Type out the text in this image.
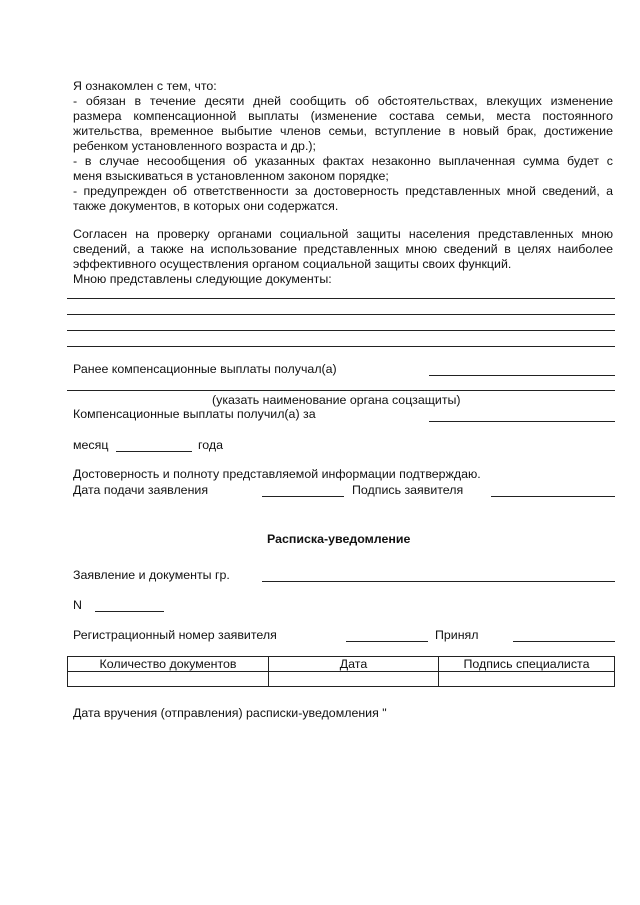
Я ознакомлен с тем, что:
- обязан в течение десяти дней сообщить об обстоятельствах, влекущих изменение
размера компенсационной выплаты (изменение состава семьи, места постоянного
жительства, временное выбытие членов семьи, вступление в новый брак, достижение
ребенком установленного возраста и др.);
- в случае несообщения об указанных фактах незаконно выплаченная сумма будет с
меня взыскиваться в установленном законом порядке;
- предупрежден об ответственности за достоверность представленных мной сведений, а
также документов, в которых они содержатся.
Согласен на проверку органами социальной защиты населения представленных мною
сведений, а также на использование представленных мною сведений в целях наиболее
эффективного осуществления органом социальной защиты своих функций.
Мною представлены следующие документы:
Ранее компенсационные выплаты получал(а)
(указать наименование органа соцзащиты)
Компенсационные выплаты получил(а) за
месяц	года
Достоверность и полноту представляемой информации подтверждаю.
Дата подачи заявления	Подпись заявителя
Расписка-уведомление
Заявление и документы гр.
N
Регистрационный номер заявителя	Принял
Количество документов	Дата	Подпись специалиста

Дата вручения (отправления) расписки-уведомления "
